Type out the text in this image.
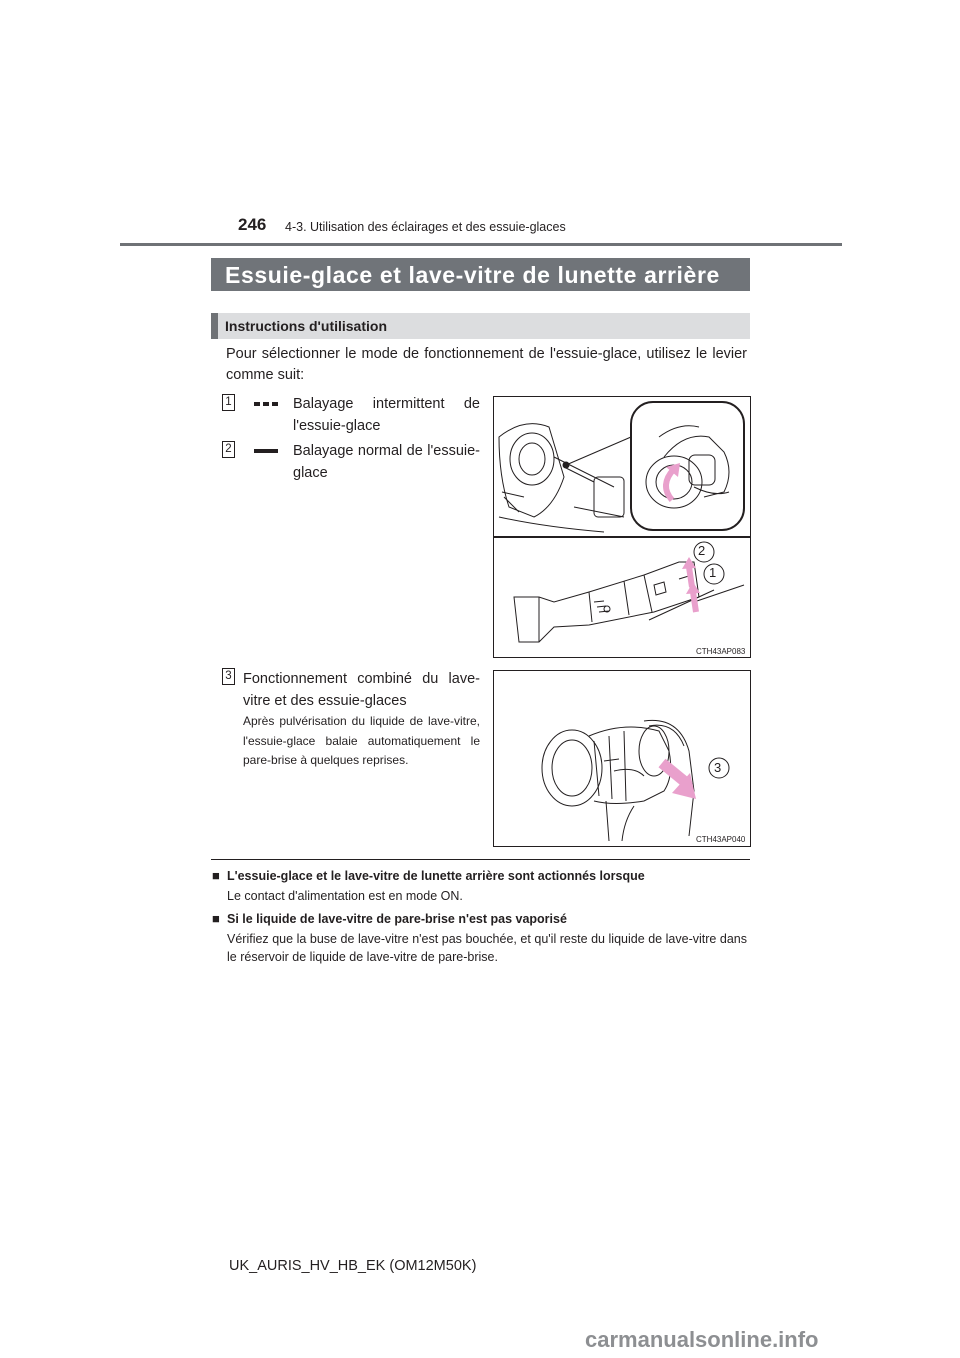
246 4-3. Utilisation des éclairages et des essuie-glaces
Essuie-glace et lave-vitre de lunette arrière
Instructions d'utilisation
Pour sélectionner le mode de fonctionnement de l'essuie-glace, utilisez le levier comme suit:
1	Balayage intermittent de l'essuie-glace
2	Balayage normal de l'essuie-glace
2
1
CTH43AP083
3 Fonctionnement combiné du lave-vitre et des essuie-glaces
Après pulvérisation du liquide de lave-vitre, l'essuie-glace balaie automatiquement le pare-brise à quelques reprises.	3
CTH43AP040
■ L'essuie-glace et le lave-vitre de lunette arrière sont actionnés lorsque
Le contact d'alimentation est en mode ON.
■ Si le liquide de lave-vitre de pare-brise n'est pas vaporisé
Vérifiez que la buse de lave-vitre n'est pas bouchée, et qu'il reste du liquide de lave-vitre dans le réservoir de liquide de lave-vitre de pare-brise.
UK_AURIS_HV_HB_EK (OM12M50K)
carmanualsonline.info
